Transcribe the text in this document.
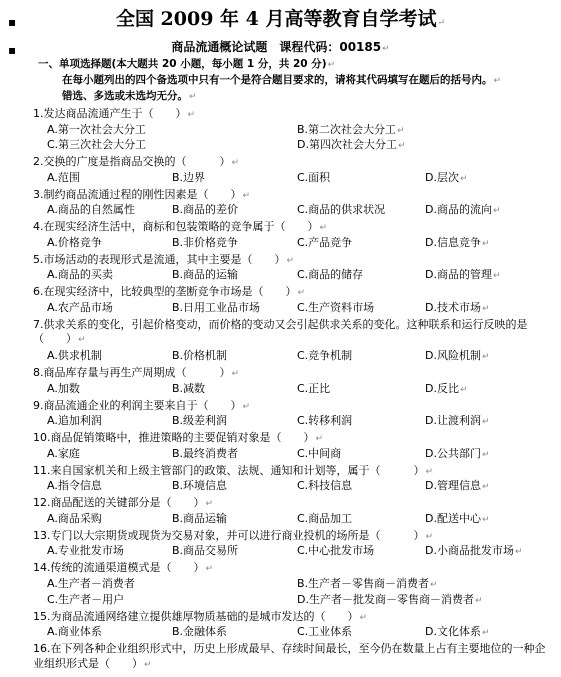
▪
▪
全国 2009 年 4 月高等教育自学考试↵
商品流通概论试题　课程代码：00185↵
一、单项选择题(本大题共 20 小题，每小题 1 分，共 20 分)↵
在每小题列出的四个备选项中只有一个是符合题目要求的，请将其代码填写在题后的括号内。↵
错选、多选或未选均无分。↵
1.发达商品流通产生于（　　）↵
A.第一次社会大分工	B.第二次社会大分工↵
C.第三次社会大分工	D.第四次社会大分工↵
2.交换的广度是指商品交换的（　　　）↵
A.范围	B.边界	C.面积	D.层次↵
3.制约商品流通过程的刚性因素是（　　）↵
A.商品的自然属性	B.商品的差价	C.商品的供求状况	D.商品的流向↵
4.在现实经济生活中，商标和包装策略的竞争属于（　　）↵
A.价格竞争	B.非价格竞争	C.产品竞争	D.信息竞争↵
5.市场活动的表现形式是流通，其中主要是（　　）↵
A.商品的买卖	B.商品的运输	C.商品的储存	D.商品的管理↵
6.在现实经济中，比较典型的垄断竞争市场是（　　）↵
A.农产品市场	B.日用工业品市场	C.生产资料市场	D.技术市场↵
7.供求关系的变化，引起价格变动，而价格的变动又会引起供求关系的变化。这种联系和运行反映的是（　　）↵
A.供求机制	B.价格机制	C.竞争机制	D.风险机制↵
8.商品库存量与再生产周期成（　　　）↵
A.加数	B.减数	C.正比	D.反比↵
9.商品流通企业的利润主要来自于（　　）↵
A.追加利润	B.级差利润	C.转移利润	D.让渡利润↵
10.商品促销策略中，推进策略的主要促销对象是（　　）↵
A.家庭	B.最终消费者	C.中间商	D.公共部门↵
11.来自国家机关和上级主管部门的政策、法规、通知和计划等，属于（　　　）↵
A.指令信息	B.环境信息	C.科技信息	D.管理信息↵
12.商品配送的关键部分是（　　）↵
A.商品采购	B.商品运输	C.商品加工	D.配送中心↵
13.专门以大宗期货或现货为交易对象，并可以进行商业投机的场所是（　　　）↵
A.专业批发市场	B.商品交易所	C.中心批发市场	D.小商品批发市场↵
14.传统的流通渠道模式是（　　）↵
A.生产者－消费者	B.生产者－零售商－消费者↵
C.生产者－用户	D.生产者－批发商－零售商－消费者↵
15.为商品流通网络建立提供雄厚物质基础的是城市发达的（　　）↵
A.商业体系	B.金融体系	C.工业体系	D.文化体系↵
16.在下列各种企业组织形式中，历史上形成最早、存续时间最长，至今仍在数量上占有主要地位的一种企业组织形式是（　　）↵
